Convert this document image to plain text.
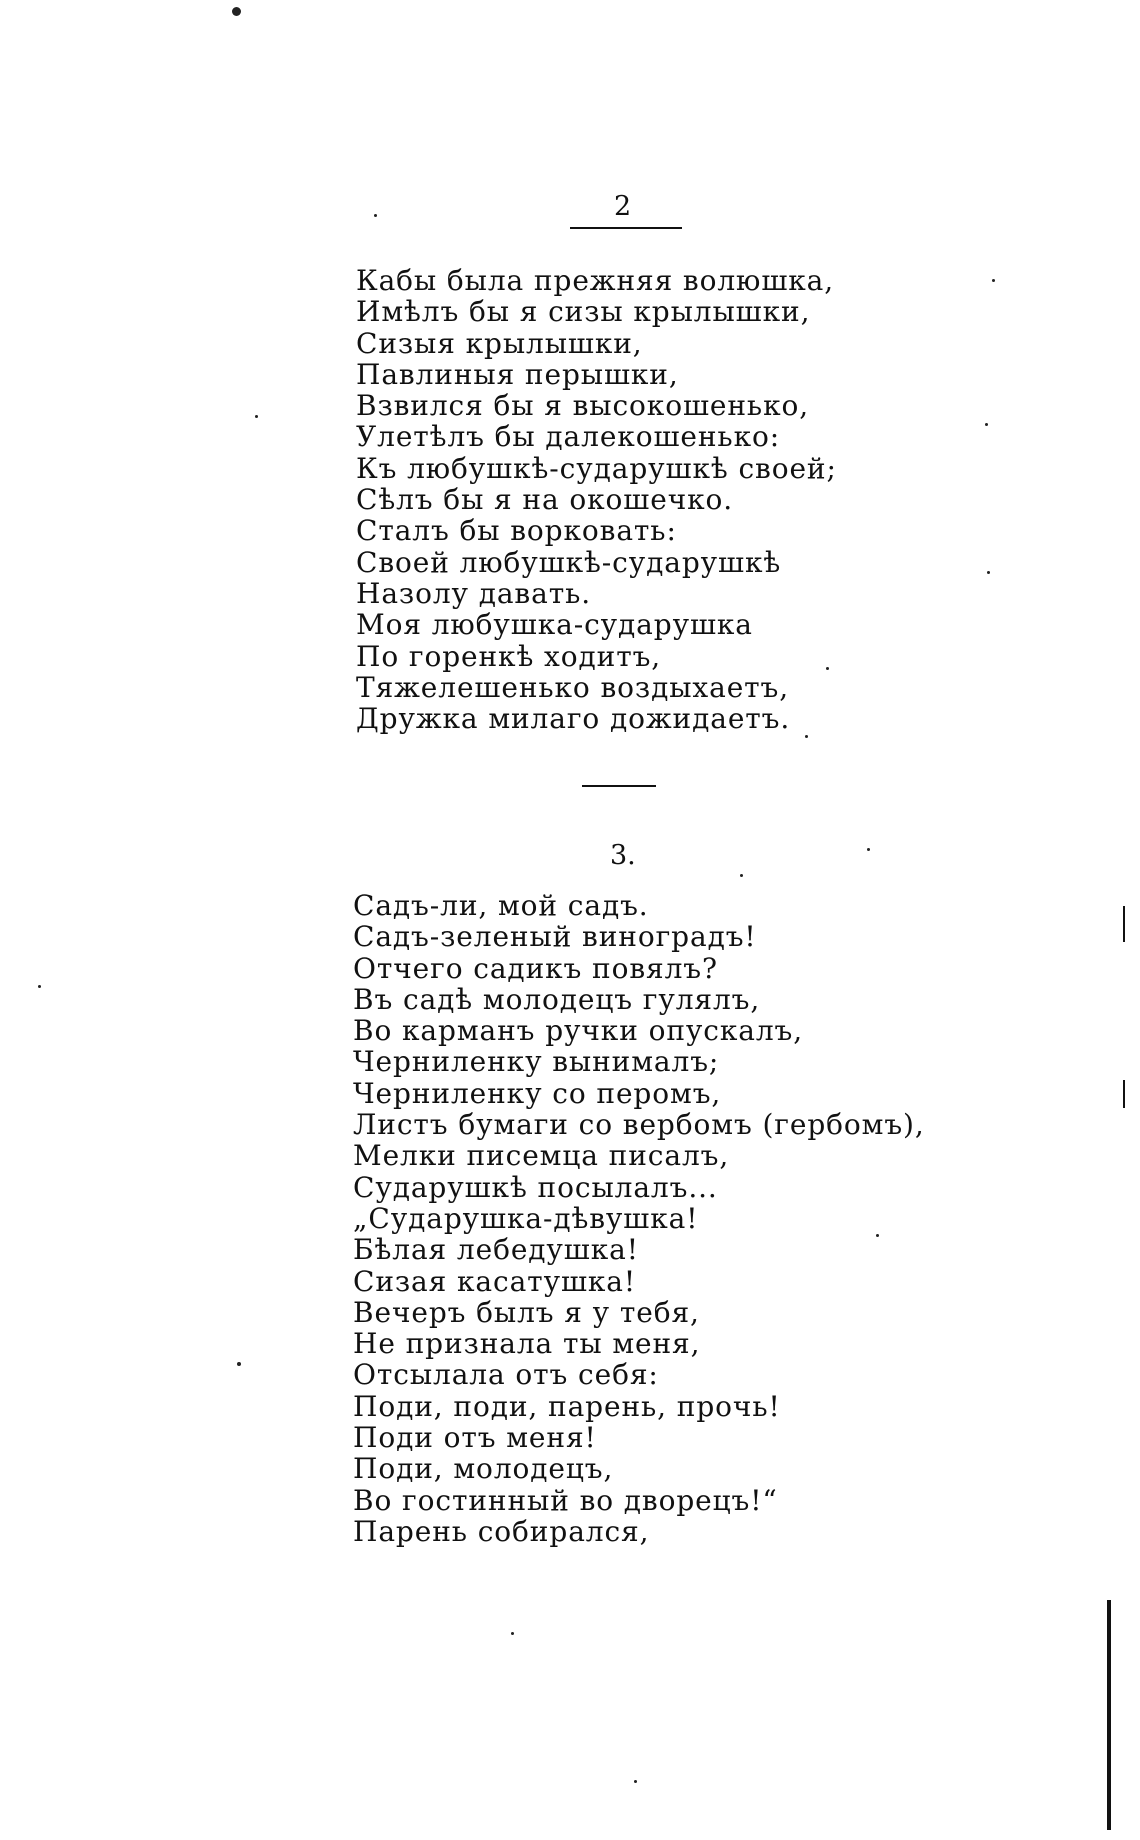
2
Кабы была прежняя волюшка,
Имѣлъ бы я сизы крылышки,
Сизыя крылышки,
Павлиныя перышки,
Взвился бы я высокошенько,
Улетѣлъ бы далекошенько:
Къ любушкѣ-сударушкѣ своей;
Сѣлъ бы я на окошечко.
Сталъ бы ворковать:
Своей любушкѣ-сударушкѣ
Назолу давать.
Моя любушка-сударушка
По горенкѣ ходитъ,
Тяжелешенько воздыхаетъ,
Дружка милаго дожидаетъ.
3.
Садъ-ли, мой садъ.
Садъ-зеленый виноградъ!
Отчего садикъ повялъ?
Въ садѣ молодецъ гулялъ,
Во карманъ ручки опускалъ,
Черниленку вынималъ;
Черниленку со перомъ,
Листъ бумаги со вербомъ (гербомъ),
Мелки писемца писалъ,
Сударушкѣ посылалъ...
„Сударушка-дѣвушка!
Бѣлая лебедушка!
Сизая касатушка!
Вечеръ былъ я у тебя,
Не признала ты меня,
Отсылала отъ себя:
Поди, поди, парень, прочь!
Поди отъ меня!
Поди, молодецъ,
Во гостинный во дворецъ!“
Парень собирался,
